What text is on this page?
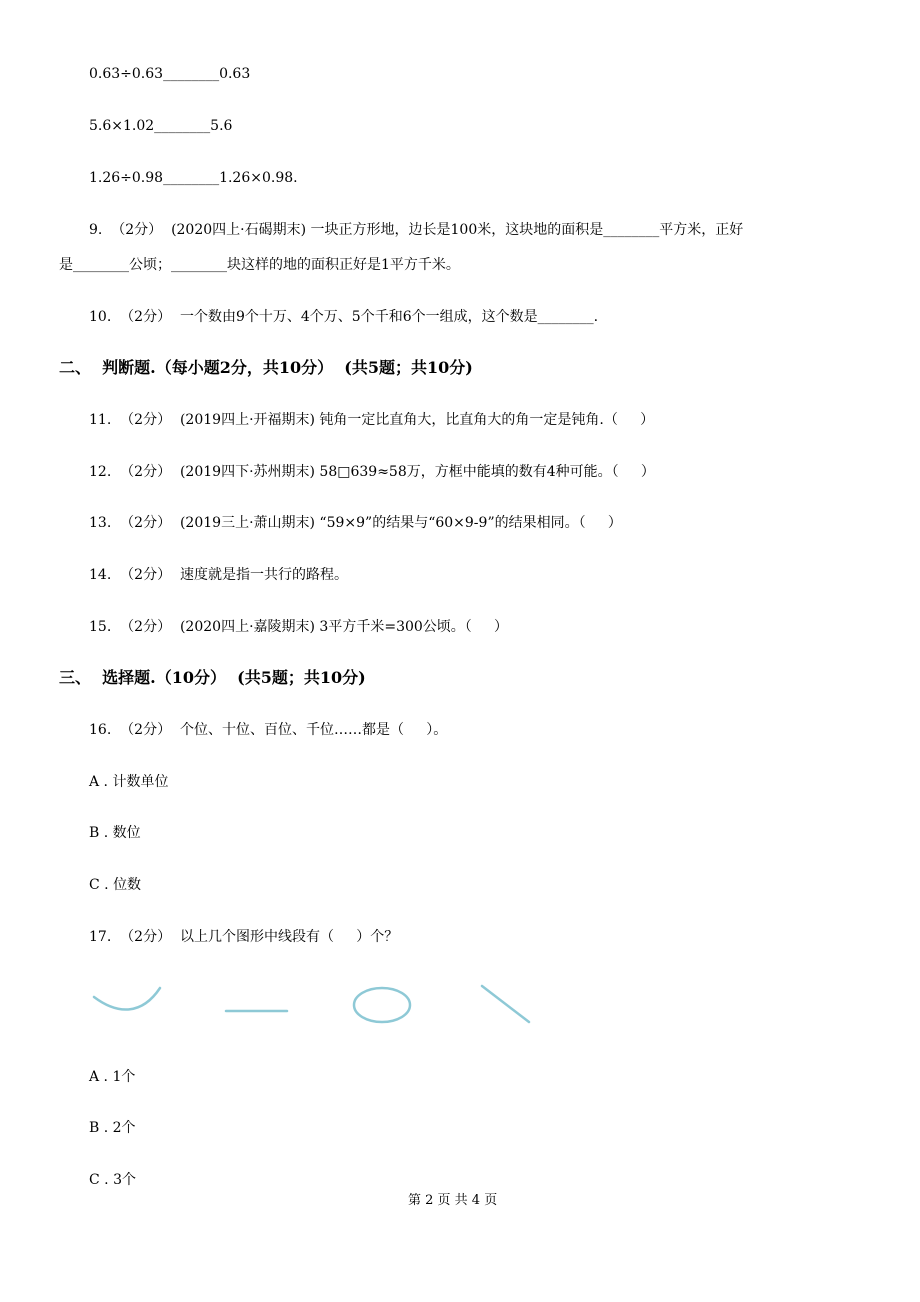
0.63÷0.63________0.63
5.6×1.02________5.6
1.26÷0.98________1.26×0.98.
9.  （2分）  (2020四上·石碣期末) 一块正方形地，边长是100米，这块地的面积是________平方米，正好
是________公顷；________块这样的地的面积正好是1平方千米。
10.  （2分）  一个数由9个十万、4个万、5个千和6个一组成，这个数是________.
二、  判断题.（每小题2分，共10分）  (共5题；共10分)
11.  （2分）  (2019四上·开福期末) 钝角一定比直角大，比直角大的角一定是钝角.（     ）
12.  （2分）  (2019四下·苏州期末) 58□639≈58万，方框中能填的数有4种可能。（     ）
13.  （2分）  (2019三上·萧山期末) “59×9”的结果与“60×9-9”的结果相同。（     ）
14.  （2分）  速度就是指一共行的路程。
15.  （2分）  (2020四上·嘉陵期末) 3平方千米=300公顷。（     ）
三、  选择题.（10分）  (共5题；共10分)
16.  （2分）  个位、十位、百位、千位……都是（     ）。
A . 计数单位
B . 数位
C . 位数
17.  （2分）  以上几个图形中线段有（     ）个？
A . 1个
B . 2个
C . 3个
第 2 页 共 4 页
